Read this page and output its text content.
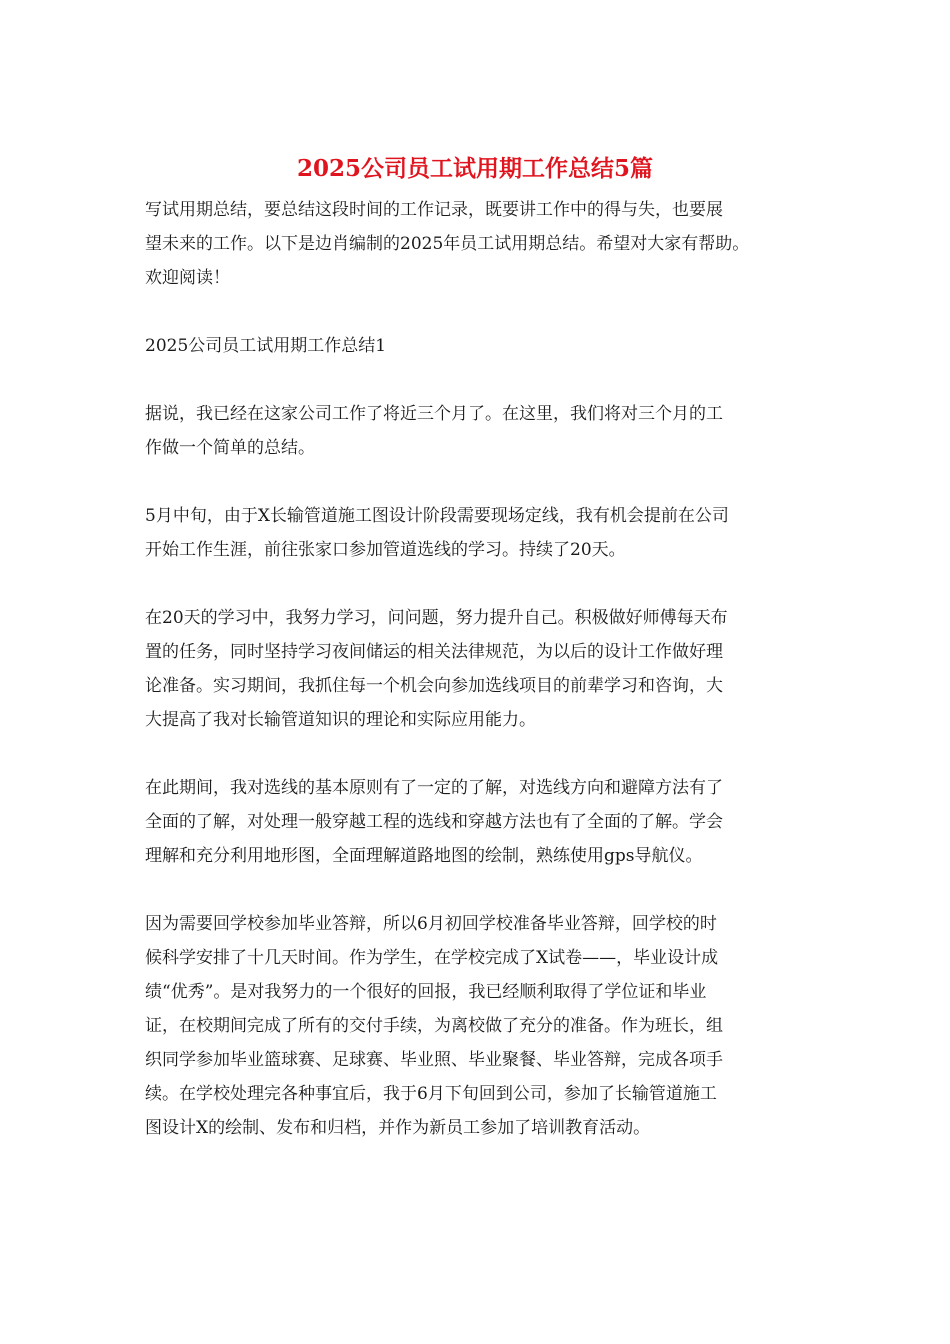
2025公司员工试用期工作总结5篇

写试用期总结，要总结这段时间的工作记录，既要讲工作中的得与失，也要展
望未来的工作。以下是边肖编制的2025年员工试用期总结。希望对大家有帮助。
欢迎阅读！

2025公司员工试用期工作总结1

据说，我已经在这家公司工作了将近三个月了。在这里，我们将对三个月的工
作做一个简单的总结。

5月中旬，由于X长输管道施工图设计阶段需要现场定线，我有机会提前在公司
开始工作生涯，前往张家口参加管道选线的学习。持续了20天。

在20天的学习中，我努力学习，问问题，努力提升自己。积极做好师傅每天布
置的任务，同时坚持学习夜间储运的相关法律规范，为以后的设计工作做好理
论准备。实习期间，我抓住每一个机会向参加选线项目的前辈学习和咨询，大
大提高了我对长输管道知识的理论和实际应用能力。

在此期间，我对选线的基本原则有了一定的了解，对选线方向和避障方法有了
全面的了解，对处理一般穿越工程的选线和穿越方法也有了全面的了解。学会
理解和充分利用地形图，全面理解道路地图的绘制，熟练使用gps导航仪。

因为需要回学校参加毕业答辩，所以6月初回学校准备毕业答辩，回学校的时
候科学安排了十几天时间。作为学生，在学校完成了X试卷——，毕业设计成
绩“优秀”。是对我努力的一个很好的回报，我已经顺利取得了学位证和毕业
证，在校期间完成了所有的交付手续，为离校做了充分的准备。作为班长，组
织同学参加毕业篮球赛、足球赛、毕业照、毕业聚餐、毕业答辩，完成各项手
续。在学校处理完各种事宜后，我于6月下旬回到公司，参加了长输管道施工
图设计X的绘制、发布和归档，并作为新员工参加了培训教育活动。
